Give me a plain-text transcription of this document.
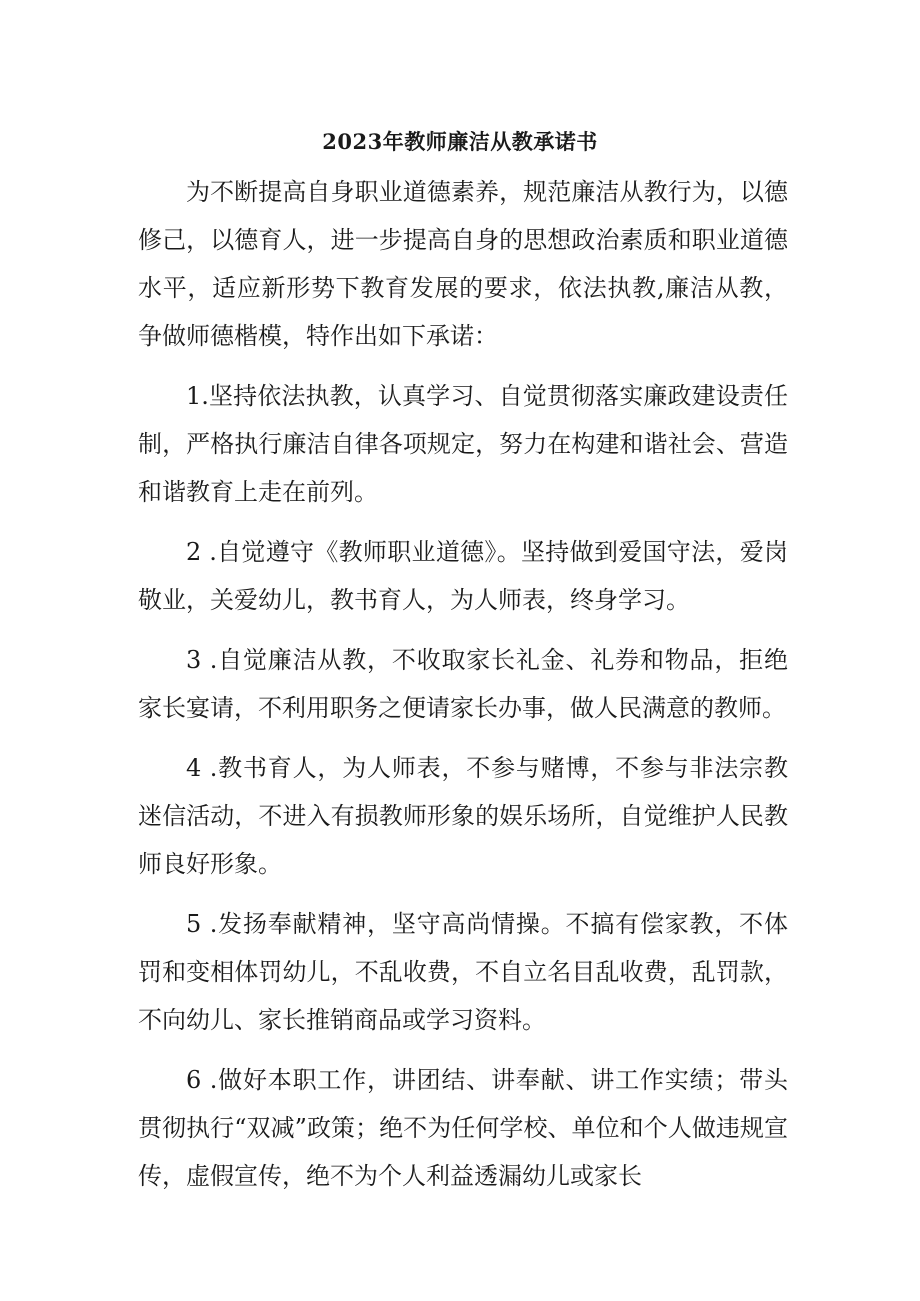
2023年教师廉洁从教承诺书

为不断提高自身职业道德素养，规范廉洁从教行为，以德修己，以德育人，进一步提高自身的思想政治素质和职业道德水平，适应新形势下教育发展的要求，依法执教,廉洁从教，争做师德楷模，特作出如下承诺：

1.坚持依法执教，认真学习、自觉贯彻落实廉政建设责任制，严格执行廉洁自律各项规定，努力在构建和谐社会、营造和谐教育上走在前列。

2 .自觉遵守《教师职业道德》。坚持做到爱国守法，爱岗敬业，关爱幼儿，教书育人，为人师表，终身学习。

3 .自觉廉洁从教，不收取家长礼金、礼券和物品，拒绝家长宴请，不利用职务之便请家长办事，做人民满意的教师。

4 .教书育人，为人师表，不参与赌博，不参与非法宗教迷信活动，不进入有损教师形象的娱乐场所，自觉维护人民教师良好形象。

5 .发扬奉献精神，坚守高尚情操。不搞有偿家教，不体罚和变相体罚幼儿，不乱收费，不自立名目乱收费，乱罚款，不向幼儿、家长推销商品或学习资料。

6 .做好本职工作，讲团结、讲奉献、讲工作实绩；带头贯彻执行“双减”政策；绝不为任何学校、单位和个人做违规宣传，虚假宣传，绝不为个人利益透漏幼儿或家长
